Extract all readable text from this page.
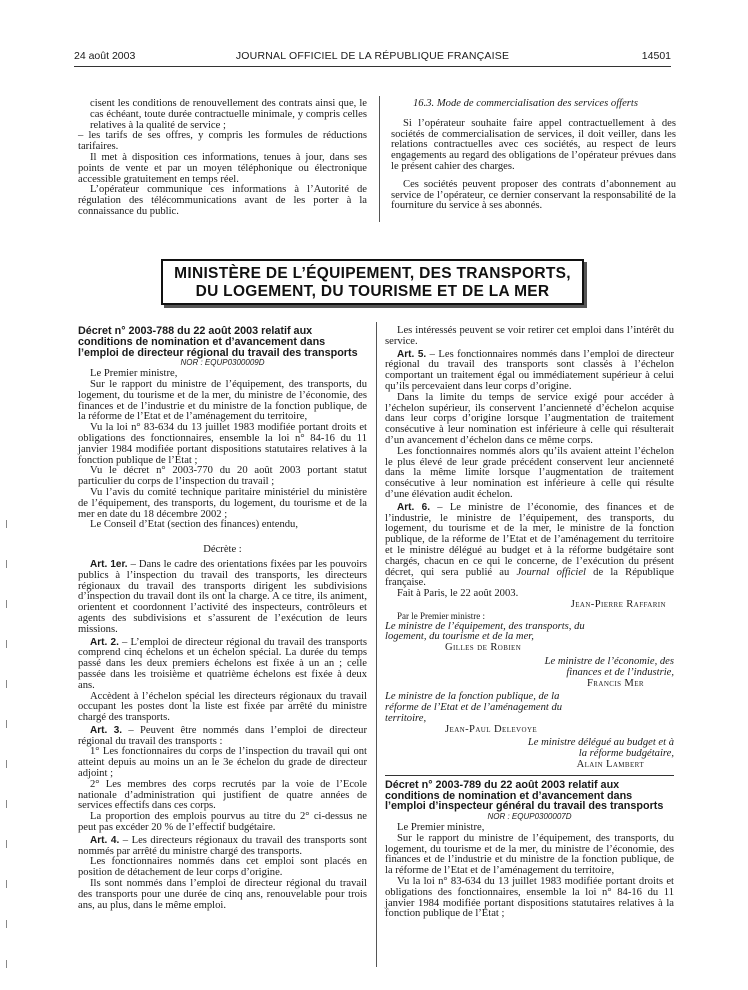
24 août 2003	JOURNAL OFFICIEL DE LA RÉPUBLIQUE FRANÇAISE	14501

cisent les conditions de renouvellement des contrats ainsi que, le cas échéant, toute durée contractuelle minimale, y compris celles relatives à la qualité de service ;

– les tarifs de ses offres, y compris les formules de réductions tarifaires.

Il met à disposition ces informations, tenues à jour, dans ses points de vente et par un moyen téléphonique ou électronique accessible gratuitement en temps réel.

L’opérateur communique ces informations à l’Autorité de régulation des télécommunications avant de les porter à la connaissance du public.

16.3. Mode de commercialisation des services offerts

Si l’opérateur souhaite faire appel contractuellement à des sociétés de commercialisation de services, il doit veiller, dans les relations contractuelles avec ces sociétés, au respect de leurs engagements au regard des obligations de l’opérateur prévues dans le présent cahier des charges.

Ces sociétés peuvent proposer des contrats d’abonnement au service de l’opérateur, ce dernier conservant la responsabilité de la fourniture du service à ses abonnés.

MINISTÈRE DE L’ÉQUIPEMENT, DES TRANSPORTS,
DU LOGEMENT, DU TOURISME ET DE LA MER

Décret n° 2003-788 du 22 août 2003 relatif aux conditions de nomination et d’avancement dans l’emploi de directeur régional du travail des transports

NOR : EQUP0300009D

Le Premier ministre,

Sur le rapport du ministre de l’équipement, des transports, du logement, du tourisme et de la mer, du ministre de l’économie, des finances et de l’industrie et du ministre de la fonction publique, de la réforme de l’Etat et de l’aménagement du territoire,

Vu la loi n° 83-634 du 13 juillet 1983 modifiée portant droits et obligations des fonctionnaires, ensemble la loi n° 84-16 du 11 janvier 1984 modifiée portant dispositions statutaires relatives à la fonction publique de l’Etat ;

Vu le décret n° 2003-770 du 20 août 2003 portant statut particulier du corps de l’inspection du travail ;

Vu l’avis du comité technique paritaire ministériel du ministère de l’équipement, des transports, du logement, du tourisme et de la mer en date du 18 décembre 2002 ;

Le Conseil d’Etat (section des finances) entendu,

Décrète :

Art. 1er. – Dans le cadre des orientations fixées par les pouvoirs publics à l’inspection du travail des transports, les directeurs régionaux du travail des transports dirigent les subdivisions d’inspection du travail dont ils ont la charge. A ce titre, ils animent, orientent et coordonnent l’activité des inspecteurs, contrôleurs et agents des subdivisions et s’assurent de l’exécution de leurs missions.

Art. 2. – L’emploi de directeur régional du travail des transports comprend cinq échelons et un échelon spécial. La durée du temps passé dans les deux premiers échelons est fixée à un an ; celle passée dans les troisième et quatrième échelons est fixée à deux ans.

Accèdent à l’échelon spécial les directeurs régionaux du travail occupant les postes dont la liste est fixée par arrêté du ministre chargé des transports.

Art. 3. – Peuvent être nommés dans l’emploi de directeur régional du travail des transports :

1° Les fonctionnaires du corps de l’inspection du travail qui ont atteint depuis au moins un an le 3e échelon du grade de directeur adjoint ;

2° Les membres des corps recrutés par la voie de l’Ecole nationale d’administration qui justifient de quatre années de services effectifs dans ces corps.

La proportion des emplois pourvus au titre du 2° ci-dessus ne peut pas excéder 20 % de l’effectif budgétaire.

Art. 4. – Les directeurs régionaux du travail des transports sont nommés par arrêté du ministre chargé des transports.

Les fonctionnaires nommés dans cet emploi sont placés en position de détachement de leur corps d’origine.

Ils sont nommés dans l’emploi de directeur régional du travail des transports pour une durée de cinq ans, renouvelable pour trois ans, au plus, dans le même emploi.

Les intéressés peuvent se voir retirer cet emploi dans l’intérêt du service.

Art. 5. – Les fonctionnaires nommés dans l’emploi de directeur régional du travail des transports sont classés à l’échelon comportant un traitement égal ou immédiatement supérieur à celui qu’ils percevaient dans leur corps d’origine.

Dans la limite du temps de service exigé pour accéder à l’échelon supérieur, ils conservent l’ancienneté d’échelon acquise dans leur corps d’origine lorsque l’augmentation de traitement consécutive à leur nomination est inférieure à celle qui résulterait d’un avancement d’échelon dans ce même corps.

Les fonctionnaires nommés alors qu’ils avaient atteint l’échelon le plus élevé de leur grade précédent conservent leur ancienneté dans la même limite lorsque l’augmentation de traitement consécutive à leur nomination est inférieure à celle qui résulte d’une élévation audit échelon.

Art. 6. – Le ministre de l’économie, des finances et de l’industrie, le ministre de l’équipement, des transports, du logement, du tourisme et de la mer, le ministre de la fonction publique, de la réforme de l’Etat et de l’aménagement du territoire et le ministre délégué au budget et à la réforme budgétaire sont chargés, chacun en ce qui le concerne, de l’exécution du présent décret, qui sera publié au Journal officiel de la République française.

Fait à Paris, le 22 août 2003.

Jean-Pierre Raffarin

Par le Premier ministre :

Le ministre de l’équipement, des transports, du logement, du tourisme et de la mer,

Gilles de Robien

Le ministre de l’économie, des finances et de l’industrie,

Francis Mer

Le ministre de la fonction publique, de la réforme de l’Etat et de l’aménagement du territoire,

Jean-Paul Delevoye

Le ministre délégué au budget et à la réforme budgétaire,

Alain Lambert

Décret n° 2003-789 du 22 août 2003 relatif aux conditions de nomination et d’avancement dans l’emploi d’inspecteur général du travail des transports

NOR : EQUP0300007D

Le Premier ministre,

Sur le rapport du ministre de l’équipement, des transports, du logement, du tourisme et de la mer, du ministre de l’économie, des finances et de l’industrie et du ministre de la fonction publique, de la réforme de l’Etat et de l’aménagement du territoire,

Vu la loi n° 83-634 du 13 juillet 1983 modifiée portant droits et obligations des fonctionnaires, ensemble la loi n° 84-16 du 11 janvier 1984 modifiée portant dispositions statutaires relatives à la fonction publique de l’Etat ;
